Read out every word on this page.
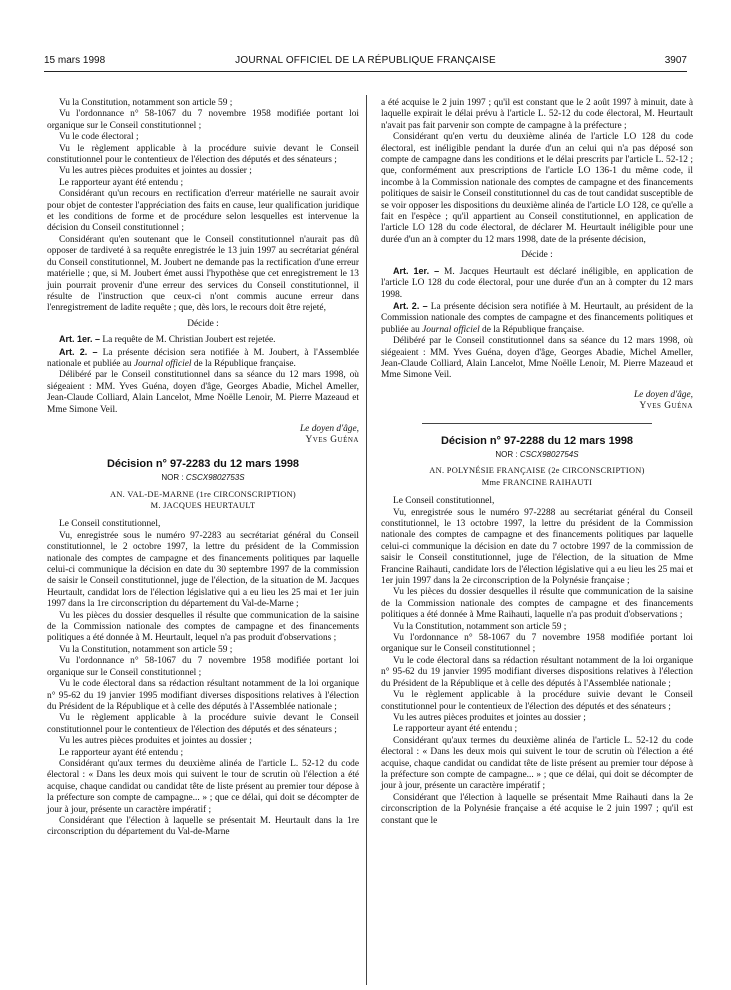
15 mars 1998	JOURNAL OFFICIEL DE LA RÉPUBLIQUE FRANÇAISE	3907

Vu la Constitution, notamment son article 59 ;

Vu l'ordonnance n° 58-1067 du 7 novembre 1958 modifiée portant loi organique sur le Conseil constitutionnel ;

Vu le code électoral ;

Vu le règlement applicable à la procédure suivie devant le Conseil constitutionnel pour le contentieux de l'élection des députés et des sénateurs ;

Vu les autres pièces produites et jointes au dossier ;

Le rapporteur ayant été entendu ;

Considérant qu'un recours en rectification d'erreur matérielle ne saurait avoir pour objet de contester l'appréciation des faits en cause, leur qualification juridique et les conditions de forme et de procédure selon lesquelles est intervenue la décision du Conseil constitutionnel ;

Considérant qu'en soutenant que le Conseil constitutionnel n'aurait pas dû opposer de tardiveté à sa requête enregistrée le 13 juin 1997 au secrétariat général du Conseil constitutionnel, M. Joubert ne demande pas la rectification d'une erreur matérielle ; que, si M. Joubert émet aussi l'hypothèse que cet enregistrement le 13 juin pourrait provenir d'une erreur des services du Conseil constitutionnel, il résulte de l'instruction que ceux-ci n'ont commis aucune erreur dans l'enregistrement de ladite requête ; que, dès lors, le recours doit être rejeté,

Décide :

Art. 1er. – La requête de M. Christian Joubert est rejetée.

Art. 2. – La présente décision sera notifiée à M. Joubert, à l'Assemblée nationale et publiée au Journal officiel de la République française.

Délibéré par le Conseil constitutionnel dans sa séance du 12 mars 1998, où siégeaient : MM. Yves Guéna, doyen d'âge, Georges Abadie, Michel Ameller, Jean-Claude Colliard, Alain Lancelot, Mme Noëlle Lenoir, M. Pierre Mazeaud et Mme Simone Veil.

Le doyen d'âge,

Yves Guéna

Décision n° 97-2283 du 12 mars 1998

NOR : CSCX9802753S

AN. VAL-DE-MARNE (1re CIRCONSCRIPTION)

M. JACQUES HEURTAULT

Le Conseil constitutionnel,

Vu, enregistrée sous le numéro 97-2283 au secrétariat général du Conseil constitutionnel, le 2 octobre 1997, la lettre du président de la Commission nationale des comptes de campagne et des financements politiques par laquelle celui-ci communique la décision en date du 30 septembre 1997 de la commission de saisir le Conseil constitutionnel, juge de l'élection, de la situation de M. Jacques Heurtault, candidat lors de l'élection législative qui a eu lieu les 25 mai et 1er juin 1997 dans la 1re circonscription du département du Val-de-Marne ;

Vu les pièces du dossier desquelles il résulte que communication de la saisine de la Commission nationale des comptes de campagne et des financements politiques a été donnée à M. Heurtault, lequel n'a pas produit d'observations ;

Vu la Constitution, notamment son article 59 ;

Vu l'ordonnance n° 58-1067 du 7 novembre 1958 modifiée portant loi organique sur le Conseil constitutionnel ;

Vu le code électoral dans sa rédaction résultant notamment de la loi organique n° 95-62 du 19 janvier 1995 modifiant diverses dispositions relatives à l'élection du Président de la République et à celle des députés à l'Assemblée nationale ;

Vu le règlement applicable à la procédure suivie devant le Conseil constitutionnel pour le contentieux de l'élection des députés et des sénateurs ;

Vu les autres pièces produites et jointes au dossier ;

Le rapporteur ayant été entendu ;

Considérant qu'aux termes du deuxième alinéa de l'article L. 52-12 du code électoral : « Dans les deux mois qui suivent le tour de scrutin où l'élection a été acquise, chaque candidat ou candidat tête de liste présent au premier tour dépose à la préfecture son compte de campagne... » ; que ce délai, qui doit se décompter de jour à jour, présente un caractère impératif ;

Considérant que l'élection à laquelle se présentait M. Heurtault dans la 1re circonscription du département du Val-de-Marne

a été acquise le 2 juin 1997 ; qu'il est constant que le 2 août 1997 à minuit, date à laquelle expirait le délai prévu à l'article L. 52-12 du code électoral, M. Heurtault n'avait pas fait parvenir son compte de campagne à la préfecture ;

Considérant qu'en vertu du deuxième alinéa de l'article LO 128 du code électoral, est inéligible pendant la durée d'un an celui qui n'a pas déposé son compte de campagne dans les conditions et le délai prescrits par l'article L. 52-12 ; que, conformément aux prescriptions de l'article LO 136-1 du même code, il incombe à la Commission nationale des comptes de campagne et des financements politiques de saisir le Conseil constitutionnel du cas de tout candidat susceptible de se voir opposer les dispositions du deuxième alinéa de l'article LO 128, ce qu'elle a fait en l'espèce ; qu'il appartient au Conseil constitutionnel, en application de l'article LO 128 du code électoral, de déclarer M. Heurtault inéligible pour une durée d'un an à compter du 12 mars 1998, date de la présente décision,

Décide :

Art. 1er. – M. Jacques Heurtault est déclaré inéligible, en application de l'article LO 128 du code électoral, pour une durée d'un an à compter du 12 mars 1998.

Art. 2. – La présente décision sera notifiée à M. Heurtault, au président de la Commission nationale des comptes de campagne et des financements politiques et publiée au Journal officiel de la République française.

Délibéré par le Conseil constitutionnel dans sa séance du 12 mars 1998, où siégeaient : MM. Yves Guéna, doyen d'âge, Georges Abadie, Michel Ameller, Jean-Claude Colliard, Alain Lancelot, Mme Noëlle Lenoir, M. Pierre Mazeaud et Mme Simone Veil.

Le doyen d'âge,

Yves Guéna

Décision n° 97-2288 du 12 mars 1998

NOR : CSCX9802754S

AN. POLYNÉSIE FRANÇAISE (2e CIRCONSCRIPTION)

Mme FRANCINE RAIHAUTI

Le Conseil constitutionnel,

Vu, enregistrée sous le numéro 97-2288 au secrétariat général du Conseil constitutionnel, le 13 octobre 1997, la lettre du président de la Commission nationale des comptes de campagne et des financements politiques par laquelle celui-ci communique la décision en date du 7 octobre 1997 de la commission de saisir le Conseil constitutionnel, juge de l'élection, de la situation de Mme Francine Raihauti, candidate lors de l'élection législative qui a eu lieu les 25 mai et 1er juin 1997 dans la 2e circonscription de la Polynésie française ;

Vu les pièces du dossier desquelles il résulte que communication de la saisine de la Commission nationale des comptes de campagne et des financements politiques a été donnée à Mme Raihauti, laquelle n'a pas produit d'observations ;

Vu la Constitution, notamment son article 59 ;

Vu l'ordonnance n° 58-1067 du 7 novembre 1958 modifiée portant loi organique sur le Conseil constitutionnel ;

Vu le code électoral dans sa rédaction résultant notamment de la loi organique n° 95-62 du 19 janvier 1995 modifiant diverses dispositions relatives à l'élection du Président de la République et à celle des députés à l'Assemblée nationale ;

Vu le règlement applicable à la procédure suivie devant le Conseil constitutionnel pour le contentieux de l'élection des députés et des sénateurs ;

Vu les autres pièces produites et jointes au dossier ;

Le rapporteur ayant été entendu ;

Considérant qu'aux termes du deuxième alinéa de l'article L. 52-12 du code électoral : « Dans les deux mois qui suivent le tour de scrutin où l'élection a été acquise, chaque candidat ou candidat tête de liste présent au premier tour dépose à la préfecture son compte de campagne... » ; que ce délai, qui doit se décompter de jour à jour, présente un caractère impératif ;

Considérant que l'élection à laquelle se présentait Mme Raihauti dans la 2e circonscription de la Polynésie française a été acquise le 2 juin 1997 ; qu'il est constant que le
